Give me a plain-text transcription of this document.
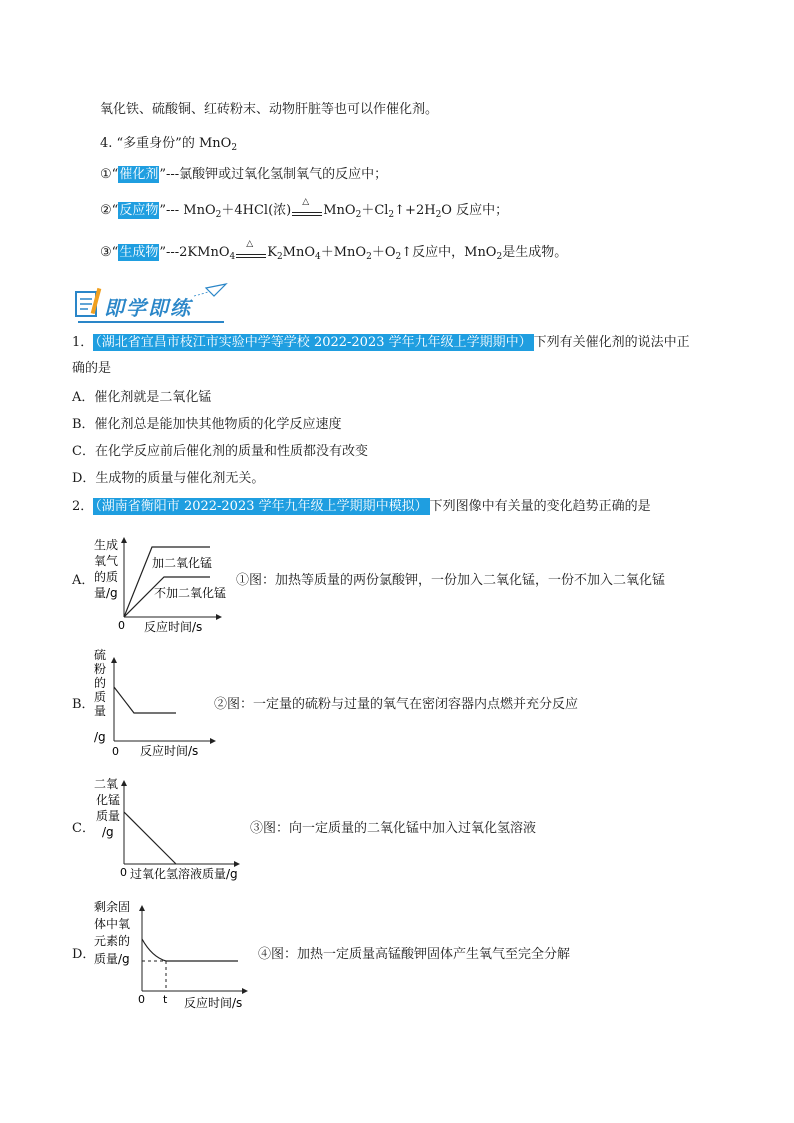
氧化铁、硫酸铜、红砖粉末、动物肝脏等也可以作催化剂。
4. “多重身份”的 MnO$_2$
①“催化剂”---氯酸钾或过氧化氢制氧气的反应中；
②“反应物”--- MnO$_2$＋4HCl(浓)
△
$MnO_2+Cl_2↑+2H_2O$ 反应中；
③“生成物”---2KMnO$_4$
△
$K_2MnO_4+MnO_2+O_2↑$反应中，MnO$_2$是生成物。
即学即练
1． （湖北省宜昌市枝江市实验中学等学校 2022-2023 学年九年级上学期期中） 下列有关催化剂的说法中正
确的是
A．催化剂就是二氧化锰
B．催化剂总是能加快其他物质的化学反应速度
C．在化学反应前后催化剂的质量和性质都没有改变
D．生成物的质量与催化剂无关。
2． （湖南省衡阳市 2022-2023 学年九年级上学期期中模拟） 下列图像中有关量的变化趋势正确的是
A．
生成
氧气
的质
量/g
加二氧化锰
不加二氧化锰
0 反应时间/s
①图：加热等质量的两份氯酸钾，一份加入二氧化锰，一份不加入二氧化锰
B．
硫
粉
的
质
量
/g
0 反应时间/s
②图：一定量的硫粉与过量的氧气在密闭容器内点燃并充分反应
C．
二氧
化锰
质量
/g
0 过氧化氢溶液质量/g
③图：向一定质量的二氧化锰中加入过氧化氢溶液
D．
剩余固
体中氧
元素的
质量/g
0 t 反应时间/s
④图：加热一定质量高锰酸钾固体产生氧气至完全分解
